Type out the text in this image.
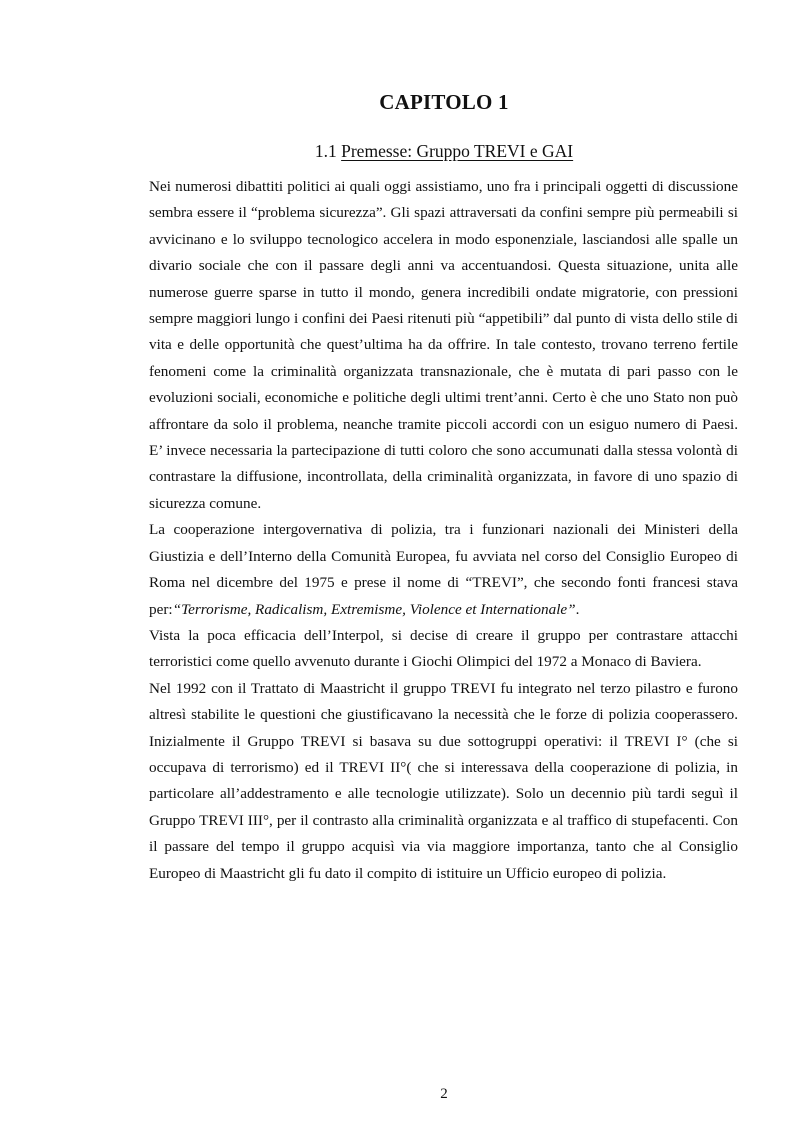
CAPITOLO 1
1.1 Premesse: Gruppo TREVI e GAI

Nei numerosi dibattiti politici ai quali oggi assistiamo, uno fra i principali oggetti di discussione sembra essere il “problema sicurezza”. Gli spazi attraversati da confini sempre più permeabili si avvicinano e lo sviluppo tecnologico accelera in modo esponenziale, lasciandosi alle spalle un divario sociale che con il passare degli anni va accentuandosi. Questa situazione, unita alle numerose guerre sparse in tutto il mondo, genera incredibili ondate migratorie, con pressioni sempre maggiori lungo i confini dei Paesi ritenuti più “appetibili” dal punto di vista dello stile di vita e delle opportunità che quest’ultima ha da offrire. In tale contesto, trovano terreno fertile fenomeni come la criminalità organizzata transnazionale, che è mutata di pari passo con le evoluzioni sociali, economiche e politiche degli ultimi trent’anni. Certo è che uno Stato non può affrontare da solo il problema, neanche tramite piccoli accordi con un esiguo numero di Paesi. E’ invece necessaria la partecipazione di tutti coloro che sono accumunati dalla stessa volontà di contrastare la diffusione, incontrollata, della criminalità organizzata, in favore di uno spazio di sicurezza comune.

La cooperazione intergovernativa di polizia, tra i funzionari nazionali dei Ministeri della Giustizia e dell’Interno della Comunità Europea, fu avviata nel corso del Consiglio Europeo di Roma nel dicembre del 1975 e prese il nome di “TREVI”, che secondo fonti francesi stava per:“Terrorisme, Radicalism, Extremisme, Violence et Internationale”.

Vista la poca efficacia dell’Interpol, si decise di creare il gruppo per contrastare attacchi terroristici come quello avvenuto durante i Giochi Olimpici del 1972 a Monaco di Baviera.

Nel 1992 con il Trattato di Maastricht il gruppo TREVI fu integrato nel terzo pilastro e furono altresì stabilite le questioni che giustificavano la necessità che le forze di polizia cooperassero. Inizialmente il Gruppo TREVI si basava su due sottogruppi operativi: il TREVI I° (che si occupava di terrorismo) ed il TREVI II°( che si interessava della cooperazione di polizia, in particolare all’addestramento e alle tecnologie utilizzate). Solo un decennio più tardi seguì il Gruppo TREVI III°, per il contrasto alla criminalità organizzata e al traffico di stupefacenti. Con il passare del tempo il gruppo acquisì via via maggiore importanza, tanto che al Consiglio Europeo di Maastricht gli fu dato il compito di istituire un Ufficio europeo di polizia.

2
